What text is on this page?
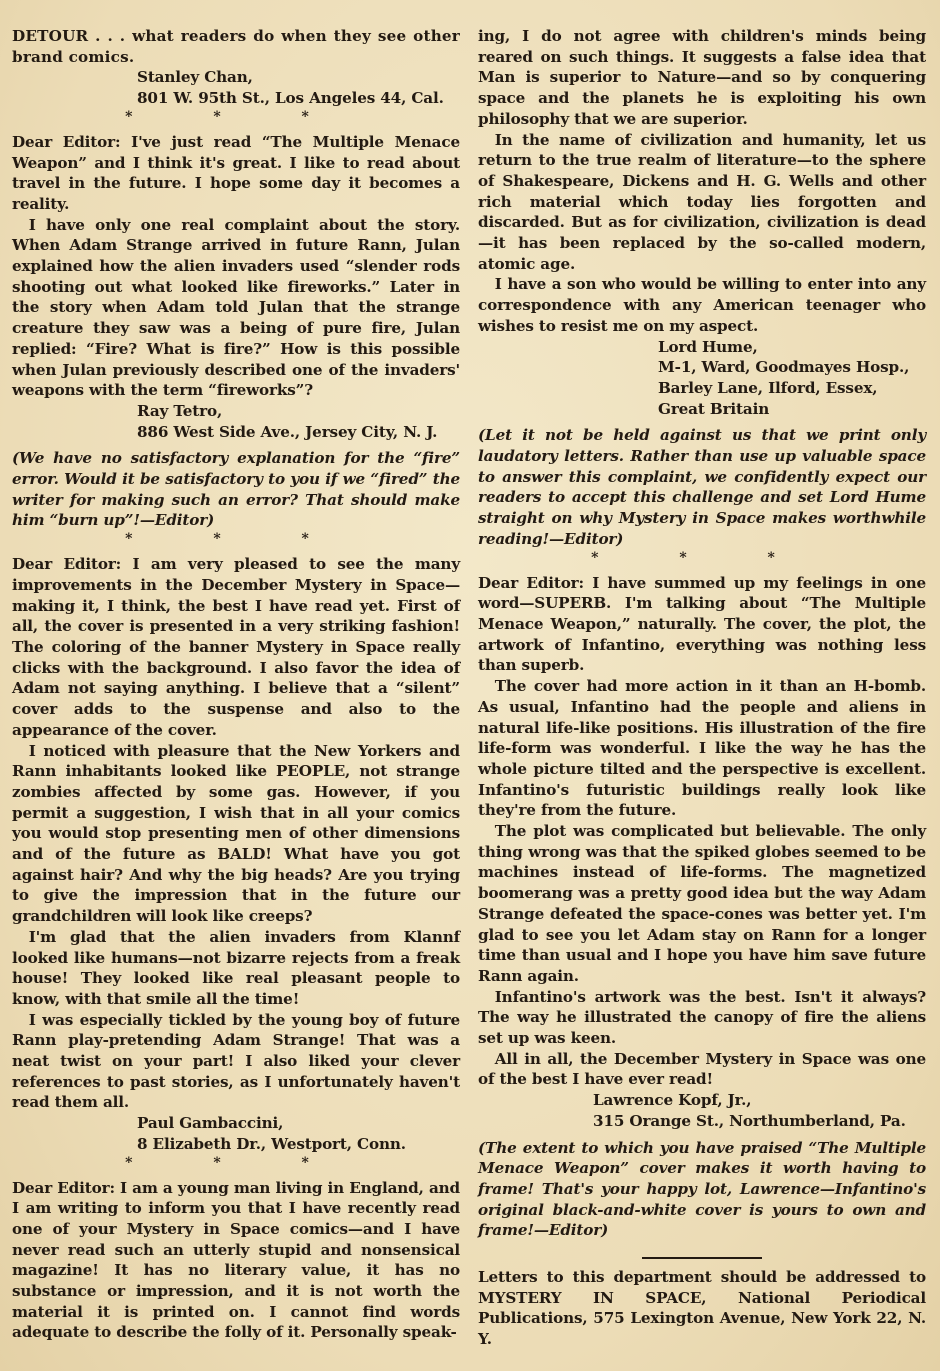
DETOUR . . . what readers do when they see other brand comics.

Stanley Chan,

801 W. 95th St., Los Angeles 44, Cal.

* * *

Dear Editor: I've just read “The Multiple Menace Weapon” and I think it's great. I like to read about travel in the future. I hope some day it becomes a reality.

I have only one real complaint about the story. When Adam Strange arrived in future Rann, Julan explained how the alien invaders used “slender rods shooting out what looked like fireworks.” Later in the story when Adam told Julan that the strange creature they saw was a being of pure fire, Julan replied: “Fire? What is fire?” How is this possible when Julan previously described one of the invaders' weapons with the term “fireworks”?

Ray Tetro,

886 West Side Ave., Jersey City, N. J.

(We have no satisfactory explanation for the “fire” error. Would it be satisfactory to you if we “fired” the writer for making such an error? That should make him “burn up”!—Editor)

* * *

Dear Editor: I am very pleased to see the many improvements in the December Mystery in Space—making it, I think, the best I have read yet. First of all, the cover is presented in a very striking fashion! The coloring of the banner Mystery in Space really clicks with the background. I also favor the idea of Adam not saying anything. I believe that a “silent” cover adds to the suspense and also to the appearance of the cover.

I noticed with pleasure that the New Yorkers and Rann inhabitants looked like PEOPLE, not strange zombies affected by some gas. However, if you permit a suggestion, I wish that in all your comics you would stop presenting men of other dimensions and of the future as BALD! What have you got against hair? And why the big heads? Are you trying to give the impression that in the future our grandchildren will look like creeps?

I'm glad that the alien invaders from Klannf looked like humans—not bizarre rejects from a freak house! They looked like real pleasant people to know, with that smile all the time!

I was especially tickled by the young boy of future Rann play-pretending Adam Strange! That was a neat twist on your part! I also liked your clever references to past stories, as I unfortunately haven't read them all.

Paul Gambaccini,

8 Elizabeth Dr., Westport, Conn.

* * *

Dear Editor: I am a young man living in England, and I am writing to inform you that I have recently read one of your Mystery in Space comics—and I have never read such an utterly stupid and nonsensical magazine! It has no literary value, it has no substance or impression, and it is not worth the material it is printed on. I cannot find words adequate to describe the folly of it. Personally speak-

ing, I do not agree with children's minds being reared on such things. It suggests a false idea that Man is superior to Nature—and so by conquering space and the planets he is exploiting his own philosophy that we are superior.

In the name of civilization and humanity, let us return to the true realm of literature—to the sphere of Shakespeare, Dickens and H. G. Wells and other rich material which today lies forgotten and discarded. But as for civilization, civilization is dead—it has been replaced by the so-called modern, atomic age.

I have a son who would be willing to enter into any correspondence with any American teenager who wishes to resist me on my aspect.

Lord Hume,

M-1, Ward, Goodmayes Hosp.,

Barley Lane, Ilford, Essex,

Great Britain

(Let it not be held against us that we print only laudatory letters. Rather than use up valuable space to answer this complaint, we confidently expect our readers to accept this challenge and set Lord Hume straight on why Mystery in Space makes worthwhile reading!—Editor)

* * *

Dear Editor: I have summed up my feelings in one word—SUPERB. I'm talking about “The Multiple Menace Weapon,” naturally. The cover, the plot, the artwork of Infantino, everything was nothing less than superb.

The cover had more action in it than an H-bomb. As usual, Infantino had the people and aliens in natural life-like positions. His illustration of the fire life-form was wonderful. I like the way he has the whole picture tilted and the perspective is excellent. Infantino's futuristic buildings really look like they're from the future.

The plot was complicated but believable. The only thing wrong was that the spiked globes seemed to be machines instead of life-forms. The magnetized boomerang was a pretty good idea but the way Adam Strange defeated the space-cones was better yet. I'm glad to see you let Adam stay on Rann for a longer time than usual and I hope you have him save future Rann again.

Infantino's artwork was the best. Isn't it always? The way he illustrated the canopy of fire the aliens set up was keen.

All in all, the December Mystery in Space was one of the best I have ever read!

Lawrence Kopf, Jr.,

315 Orange St., Northumberland, Pa.

(The extent to which you have praised “The Multiple Menace Weapon” cover makes it worth having to frame! That's your happy lot, Lawrence—Infantino's original black-and-white cover is yours to own and frame!—Editor)

Letters to this department should be addressed to MYSTERY IN SPACE, National Periodical Publications, 575 Lexington Avenue, New York 22, N. Y.
